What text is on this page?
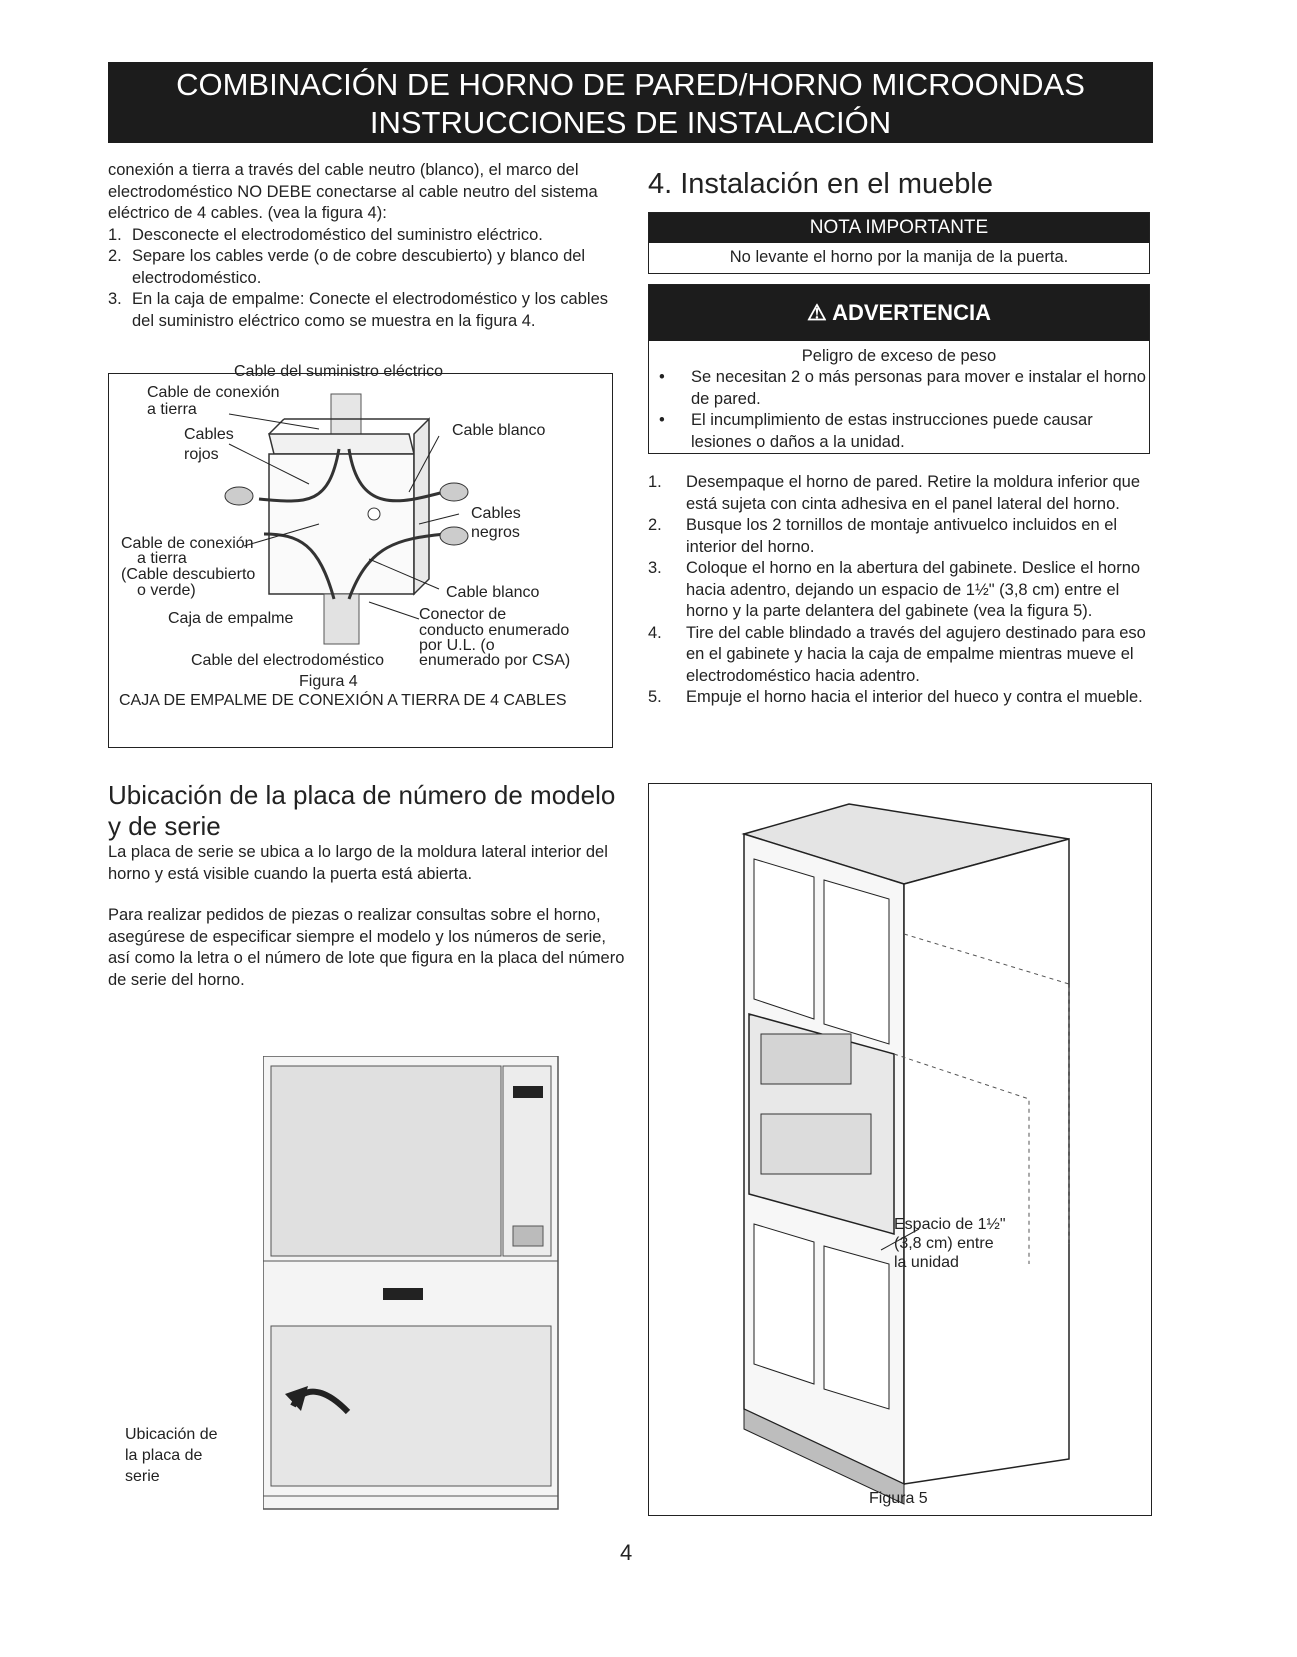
COMBINACIÓN DE HORNO DE PARED/HORNO MICROONDAS
INSTRUCCIONES DE INSTALACIÓN

conexión a tierra a través del cable neutro (blanco), el marco del electrodoméstico NO DEBE conectarse al cable neutro del sistema eléctrico de 4 cables. (vea la figura 4):

1. Desconecte el electrodoméstico del suministro eléctrico.
2. Separe los cables verde (o de cobre descubierto) y blanco del electrodoméstico.
3. En la caja de empalme: Conecte el electrodoméstico y los cables del suministro eléctrico como se muestra en la figura 4.
Cable del suministro eléctrico
Cable de conexión
a tierra
Cables
rojos
Cable blanco
Cables
negros
Cable de conexión
a tierra
(Cable descubierto
o verde)	Cable blanco
Caja de empalme	Conector de
conducto enumerado
por U.L. (o
enumerado por CSA)
Cable del electrodoméstico
Figura 4
CAJA DE EMPALME DE CONEXIÓN A TIERRA DE 4 CABLES
Ubicación de la placa de número de modelo y de serie

La placa de serie se ubica a lo largo de la moldura lateral interior del horno y está visible cuando la puerta está abierta.

Para realizar pedidos de piezas o realizar consultas sobre el horno, asegúrese de especificar siempre el modelo y los números de serie, así como la letra o el número de lote que figura en la placa del número de serie del horno.

Ubicación de
la placa de
serie
4. Instalación en el mueble
NOTA IMPORTANTE
No levante el horno por la manija de la puerta.
⚠ ADVERTENCIA
Peligro de exceso de peso
• Se necesitan 2 o más personas para mover e instalar el horno de pared.
• El incumplimiento de estas instrucciones puede causar lesiones o daños a la unidad.
1. Desempaque el horno de pared. Retire la moldura inferior que está sujeta con cinta adhesiva en el panel lateral del horno.
2. Busque los 2 tornillos de montaje antivuelco incluidos en el interior del horno.
3. Coloque el horno en la abertura del gabinete. Deslice el horno hacia adentro, dejando un espacio de 1½" (3,8 cm) entre el horno y la parte delantera del gabinete (vea la figura 5).
4. Tire del cable blindado a través del agujero destinado para eso en el gabinete y hacia la caja de empalme mientras mueve el electrodoméstico hacia adentro.
5. Empuje el horno hacia el interior del hueco y contra el mueble.
Espacio de 1½"
(3,8 cm) entre
la unidad
Figura 5
4
